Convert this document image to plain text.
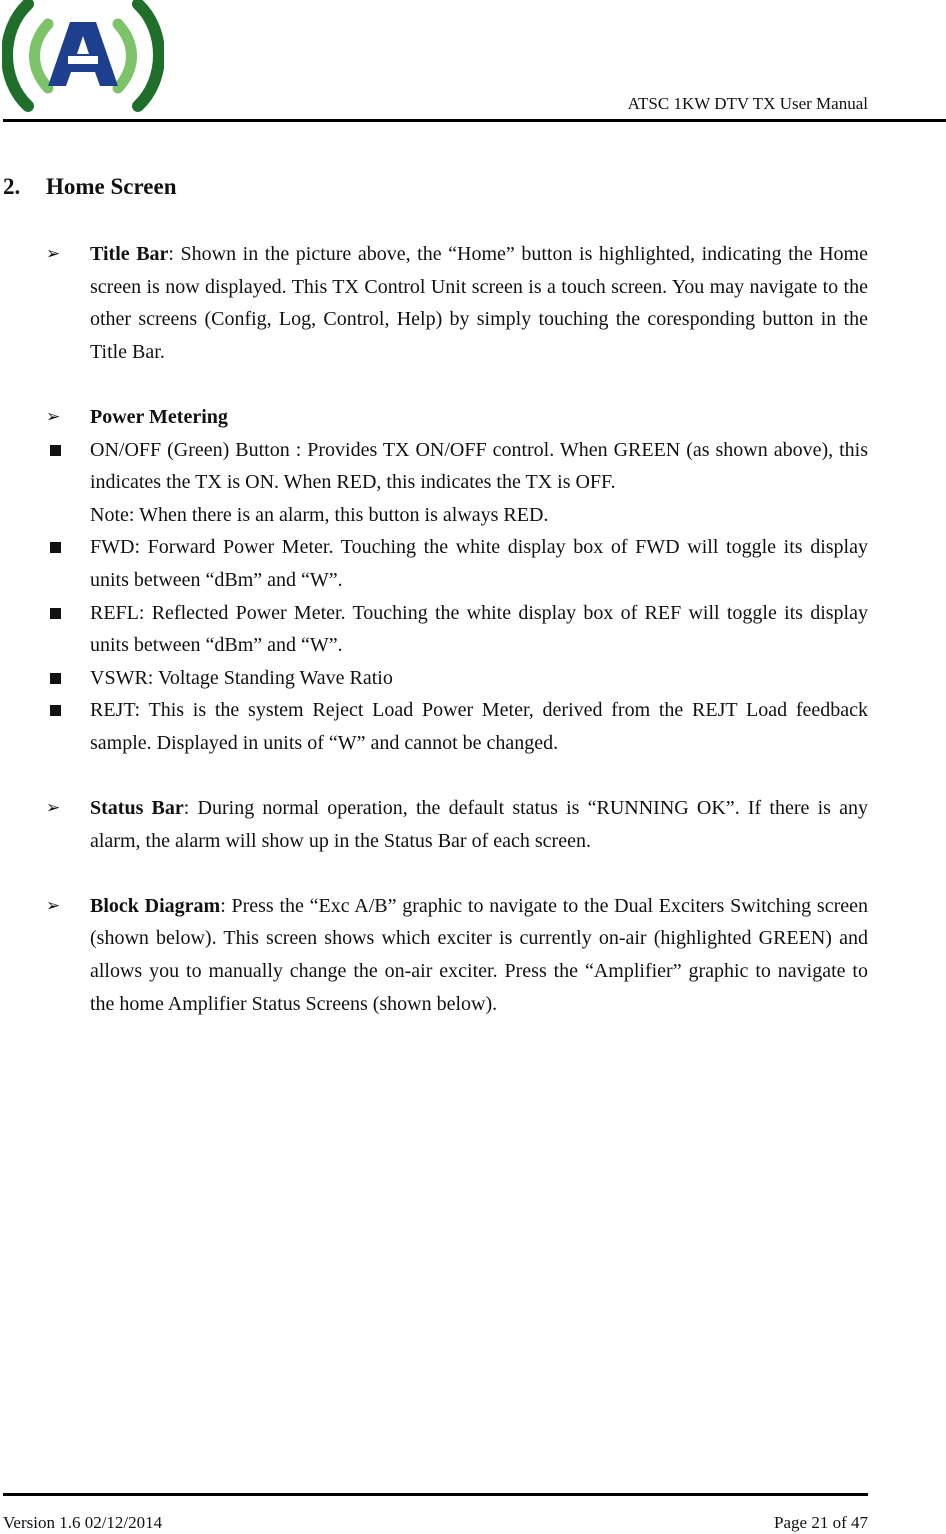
ATSC 1KW DTV TX User Manual
2. Home Screen
➢ Title Bar: Shown in the picture above, the “Home” button is highlighted, indicating the Home screen is now displayed. This TX Control Unit screen is a touch screen. You may navigate to the other screens (Config, Log, Control, Help) by simply touching the coresponding button in the Title Bar.
➢ Power Metering
ON/OFF (Green) Button : Provides TX ON/OFF control. When GREEN (as shown above), this indicates the TX is ON. When RED, this indicates the TX is OFF.
Note: When there is an alarm, this button is always RED.
FWD: Forward Power Meter. Touching the white display box of FWD will toggle its display units between “dBm” and “W”.
REFL: Reflected Power Meter. Touching the white display box of REF will toggle its display units between “dBm” and “W”.
VSWR: Voltage Standing Wave Ratio
REJT: This is the system Reject Load Power Meter, derived from the REJT Load feedback sample. Displayed in units of “W” and cannot be changed.
➢ Status Bar: During normal operation, the default status is “RUNNING OK”. If there is any alarm, the alarm will show up in the Status Bar of each screen.
➢ Block Diagram: Press the “Exc A/B” graphic to navigate to the Dual Exciters Switching screen (shown below). This screen shows which exciter is currently on-air (highlighted GREEN) and allows you to manually change the on-air exciter. Press the “Amplifier” graphic to navigate to the home Amplifier Status Screens (shown below).
Version 1.6 02/12/2014	Page 21 of 47
